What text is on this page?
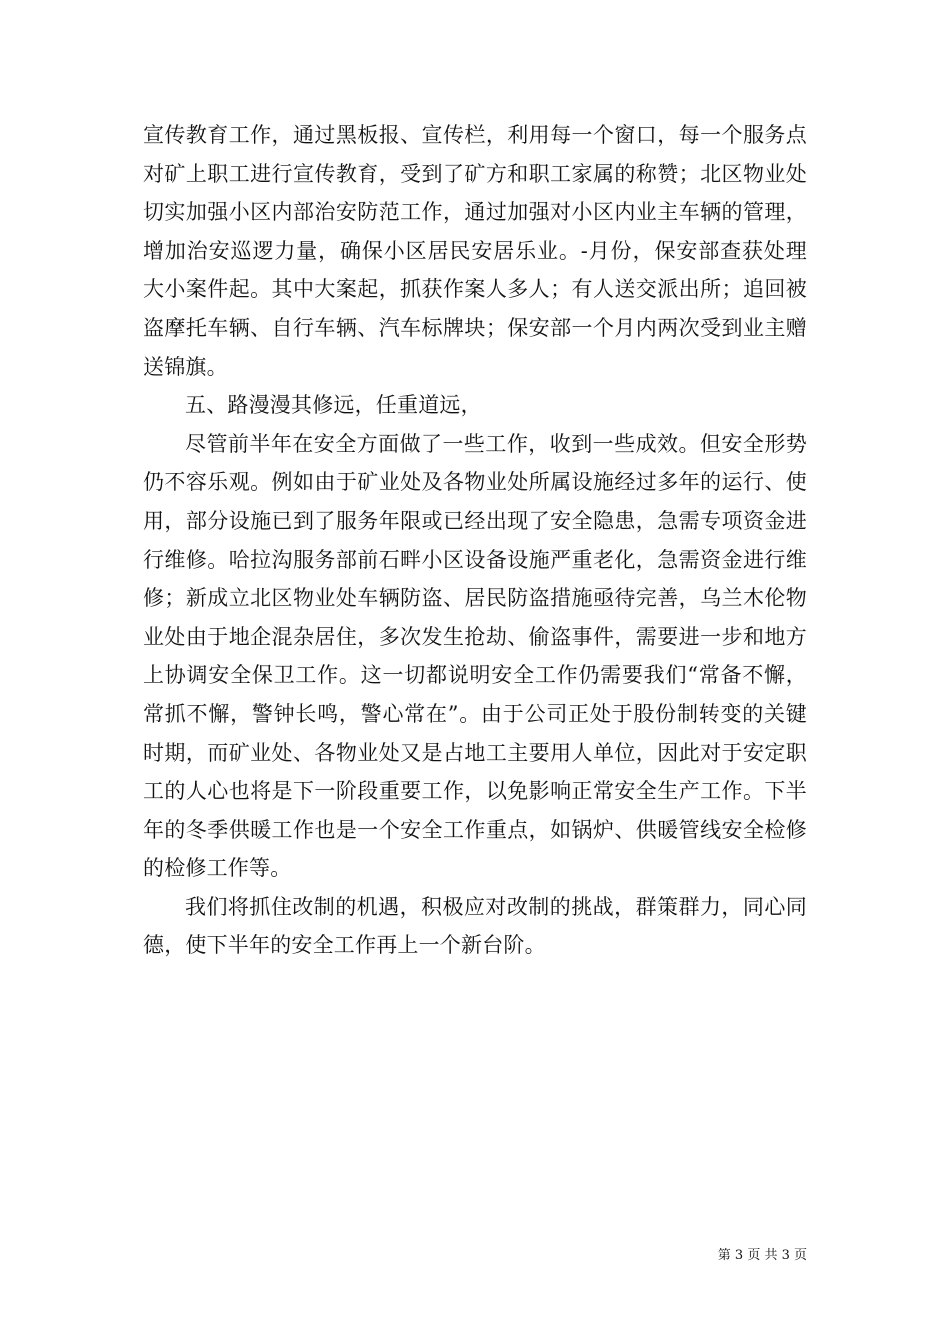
宣传教育工作，通过黑板报、宣传栏，利用每一个窗口，每一个服务点对矿上职工进行宣传教育，受到了矿方和职工家属的称赞；北区物业处切实加强小区内部治安防范工作，通过加强对小区内业主车辆的管理，增加治安巡逻力量，确保小区居民安居乐业。-月份，保安部查获处理大小案件起。其中大案起，抓获作案人多人；有人送交派出所；追回被盗摩托车辆、自行车辆、汽车标牌块；保安部一个月内两次受到业主赠送锦旗。

五、路漫漫其修远，任重道远，

尽管前半年在安全方面做了一些工作，收到一些成效。但安全形势仍不容乐观。例如由于矿业处及各物业处所属设施经过多年的运行、使用，部分设施已到了服务年限或已经出现了安全隐患，急需专项资金进行维修。哈拉沟服务部前石畔小区设备设施严重老化，急需资金进行维修；新成立北区物业处车辆防盗、居民防盗措施亟待完善，乌兰木伦物业处由于地企混杂居住，多次发生抢劫、偷盗事件，需要进一步和地方上协调安全保卫工作。这一切都说明安全工作仍需要我们“常备不懈，常抓不懈，警钟长鸣，警心常在”。由于公司正处于股份制转变的关键时期，而矿业处、各物业处又是占地工主要用人单位，因此对于安定职工的人心也将是下一阶段重要工作，以免影响正常安全生产工作。下半年的冬季供暖工作也是一个安全工作重点，如锅炉、供暖管线安全检修的检修工作等。

我们将抓住改制的机遇，积极应对改制的挑战，群策群力，同心同德，使下半年的安全工作再上一个新台阶。

第 3 页 共 3 页
